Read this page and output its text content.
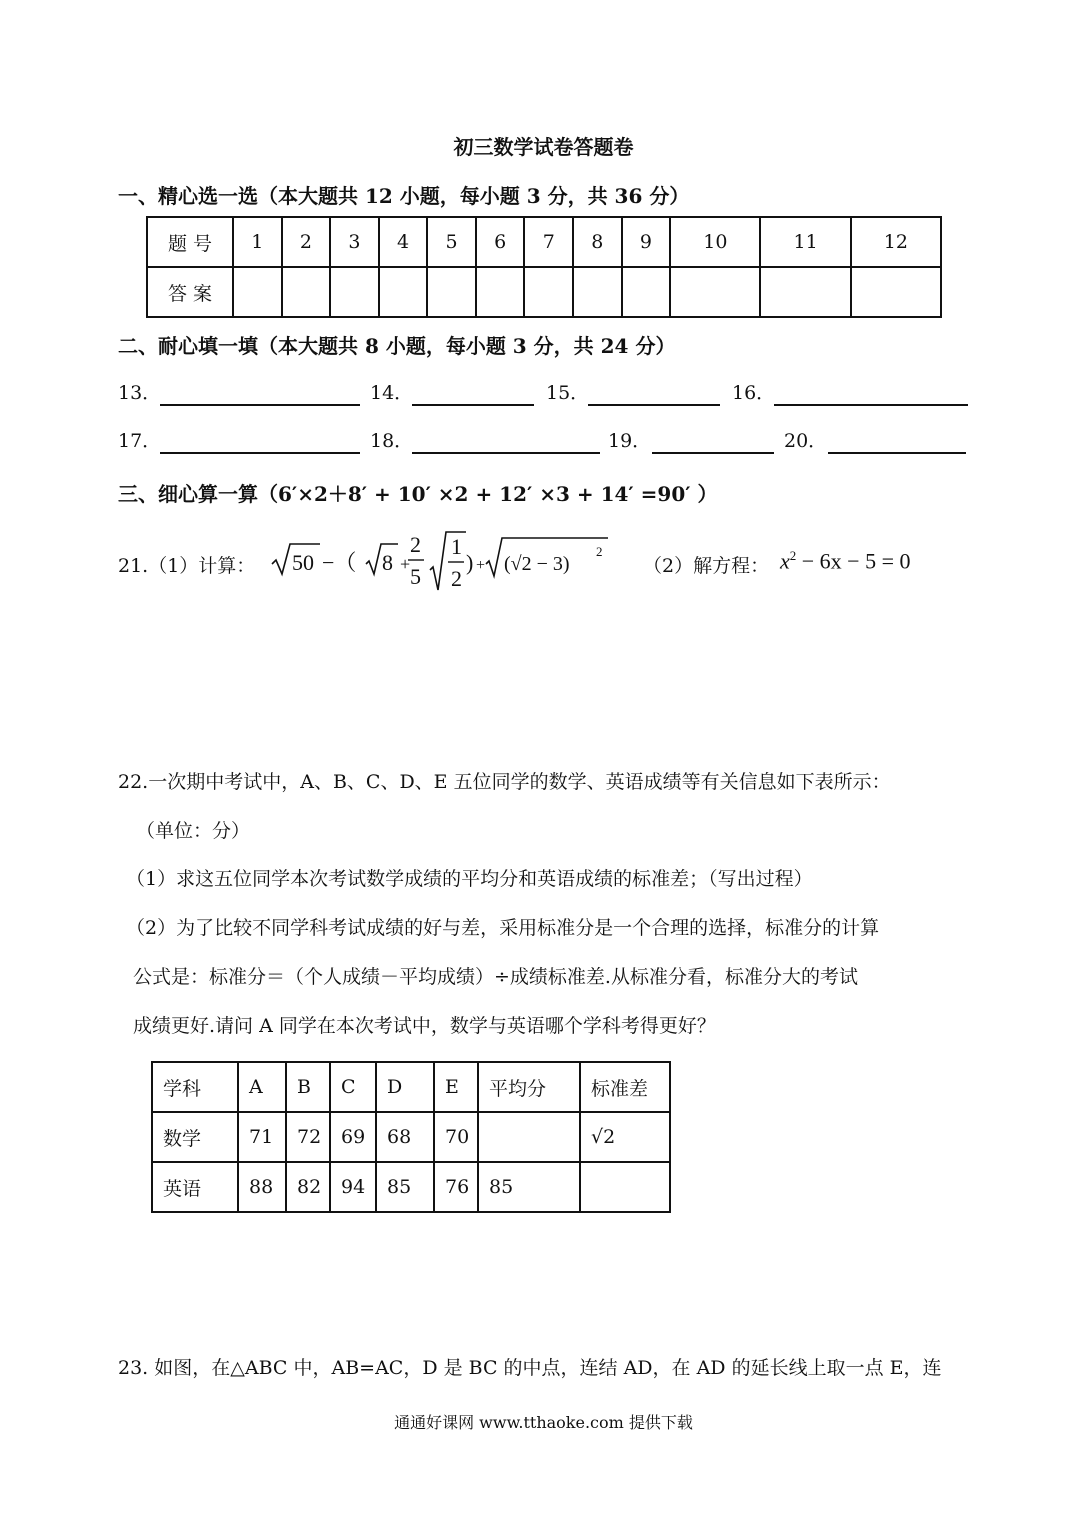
初三数学试卷答题卷
一、精心选一选（本大题共 12 小题，每小题 3 分，共 36 分）
题 号	1	2	3	4	5	6	7	8	9	10	11	12
答 案												
二、耐心填一填（本大题共 8 小题，每小题 3 分，共 24 分）
13．	14．	15．	16．
17．	18．	19．	20．
三、细心算一算（6′×2＋8′ + 10′ ×2 + 12′ ×3 + 14′ =90′ ）
21.（1）计算： 50 −（ 8 +
2
5
1
2
) + (√2 − 3)
2
（2）解方程： $x^2 - 6x - 5 = 0$
22.一次期中考试中，A、B、C、D、E 五位同学的数学、英语成绩等有关信息如下表所示：
（单位：分）
（1）求这五位同学本次考试数学成绩的平均分和英语成绩的标准差；（写出过程）
（2）为了比较不同学科考试成绩的好与差，采用标准分是一个合理的选择，标准分的计算
公式是：标准分＝（个人成绩－平均成绩）÷成绩标准差.从标准分看，标准分大的考试
成绩更好.请问 A 同学在本次考试中，数学与英语哪个学科考得更好？
学科	A	B	C	D	E	平均分	标准差
数学	71	72	69	68	70		√2
英语	88	82	94	85	76	85	
23. 如图，在△ABC 中，AB=AC，D 是 BC 的中点，连结 AD，在 AD 的延长线上取一点 E，连
通通好课网 www.tthaoke.com 提供下载
